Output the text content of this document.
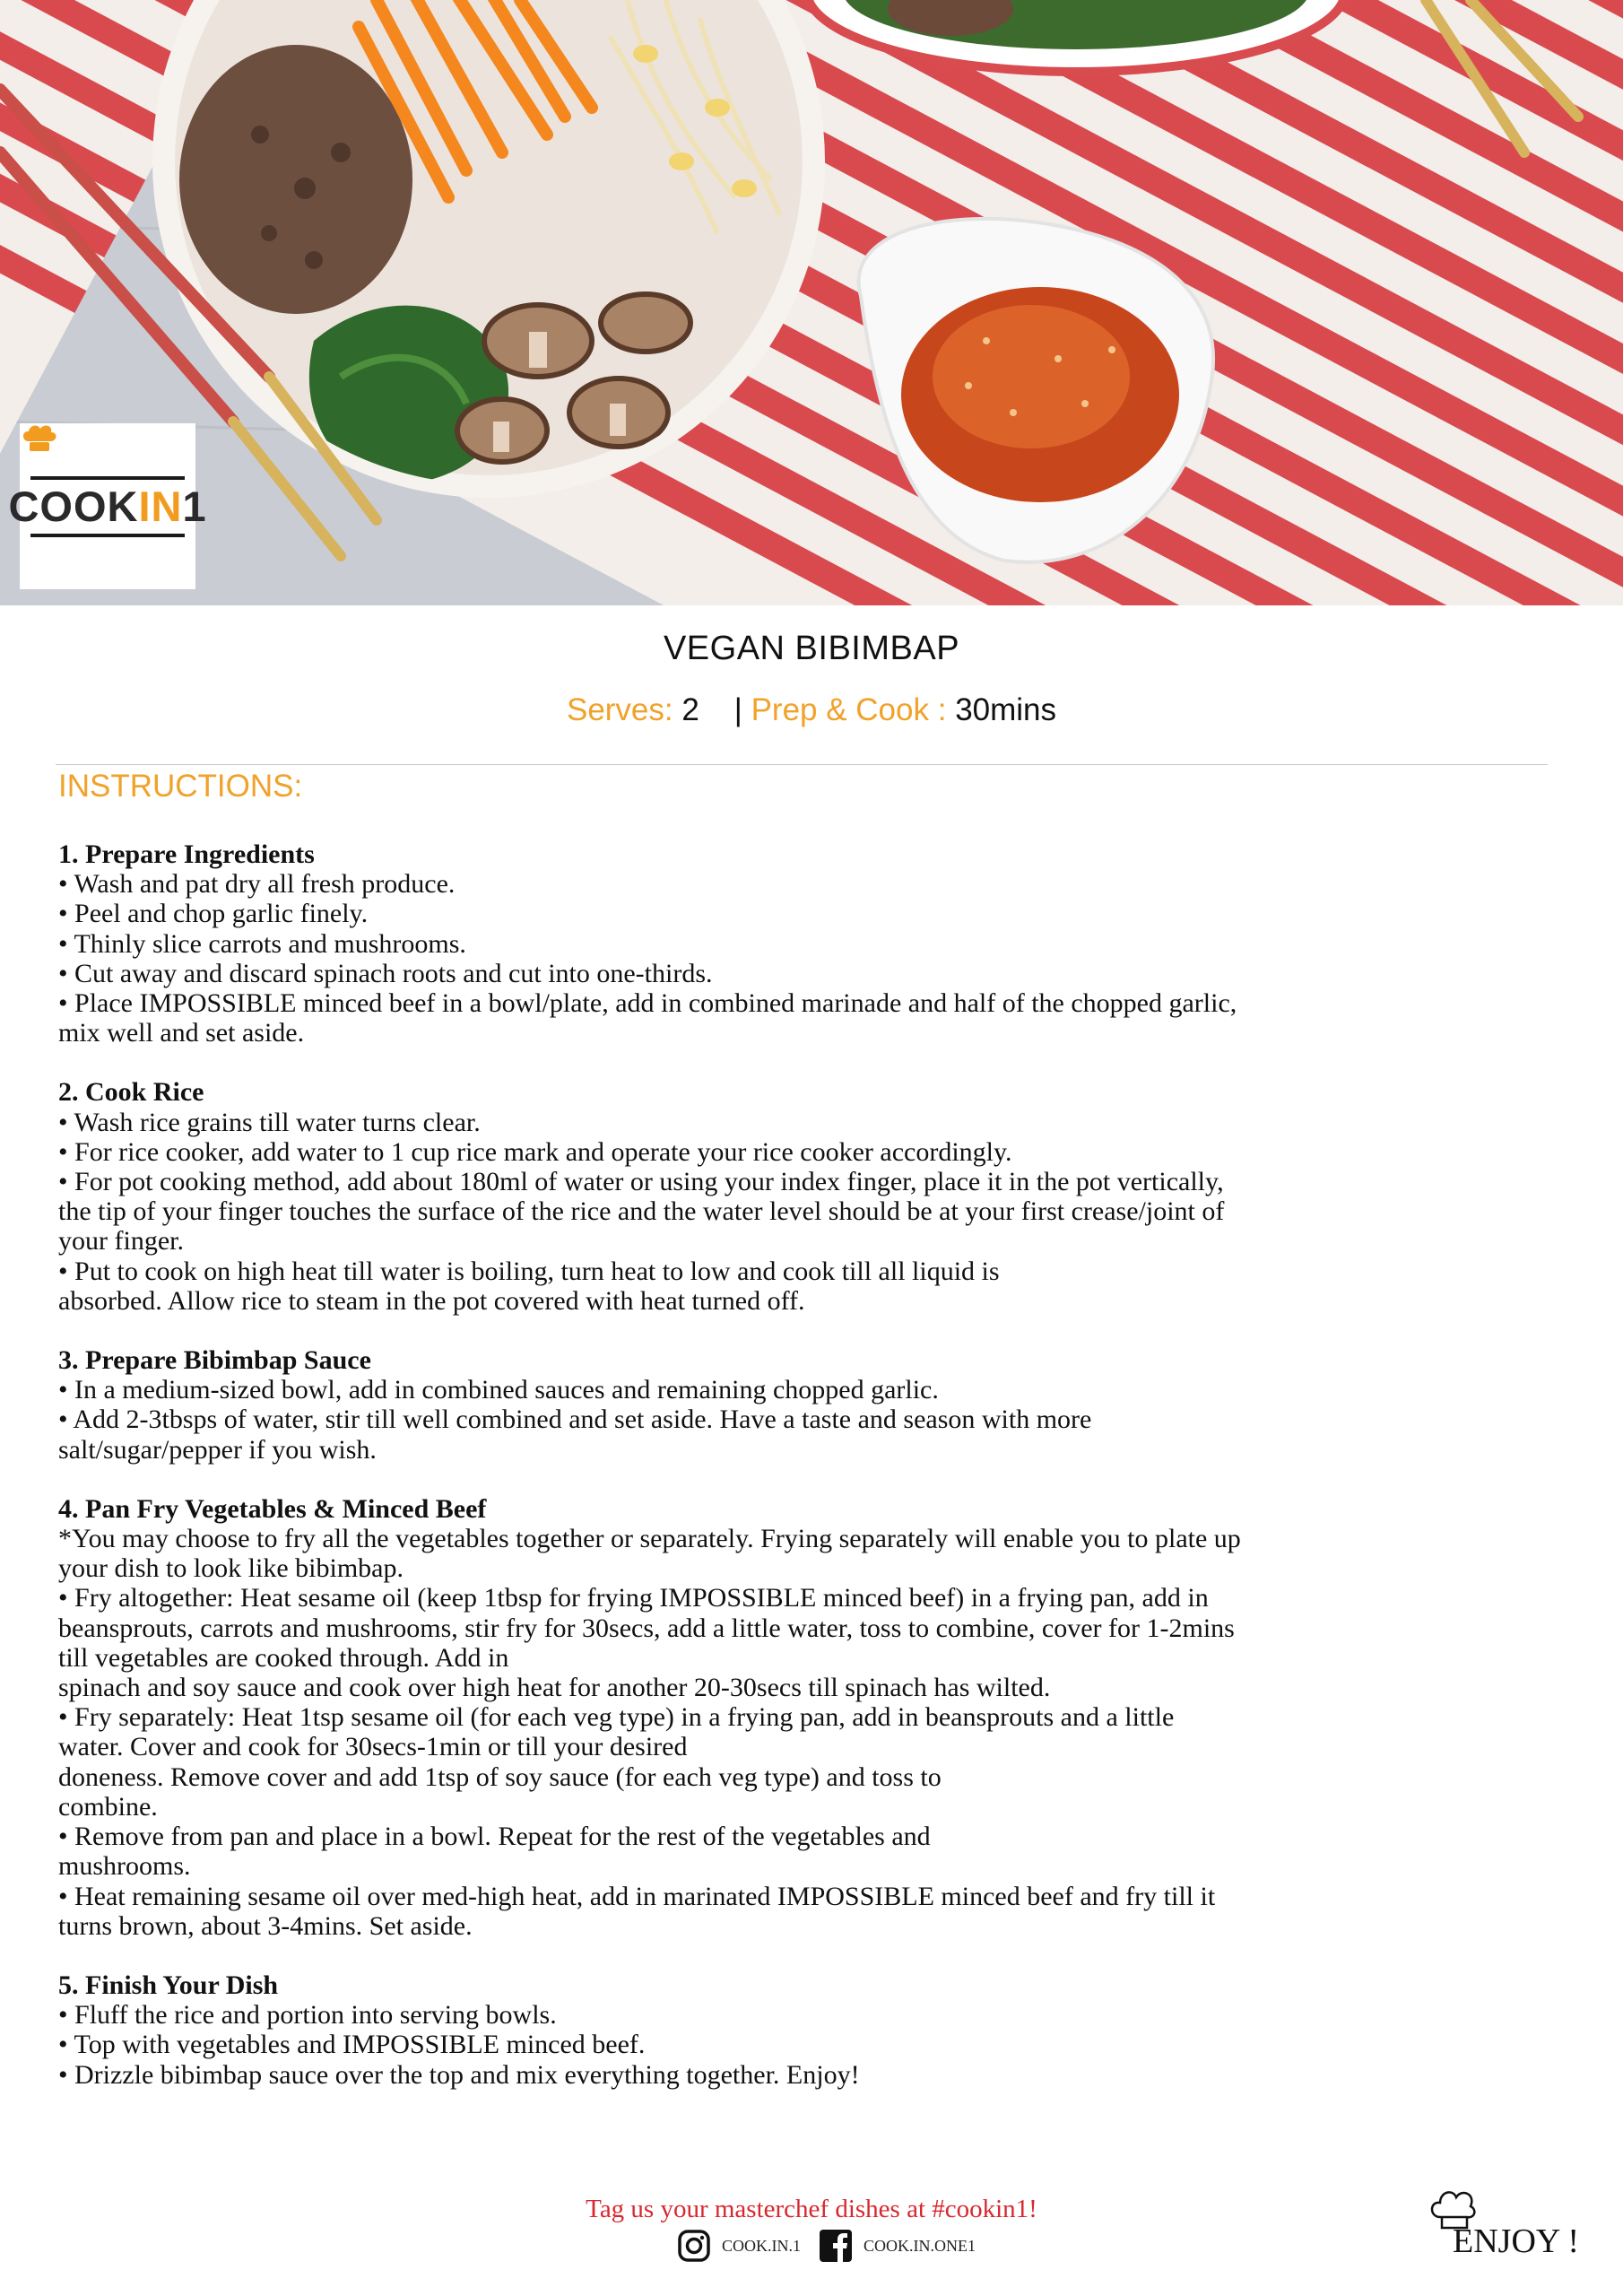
COOKIN1
VEGAN BIBIMBAP
Serves: 2 | Prep & Cook : 30mins
INSTRUCTIONS:
1. Prepare Ingredients
• Wash and pat dry all fresh produce.
• Peel and chop garlic finely.
• Thinly slice carrots and mushrooms.
• Cut away and discard spinach roots and cut into one-thirds.
• Place IMPOSSIBLE minced beef in a bowl/plate, add in combined marinade and half of the chopped garlic,
mix well and set aside.
2. Cook Rice
• Wash rice grains till water turns clear.
• For rice cooker, add water to 1 cup rice mark and operate your rice cooker accordingly.
• For pot cooking method, add about 180ml of water or using your index finger, place it in the pot vertically,
the tip of your finger touches the surface of the rice and the water level should be at your first crease/joint of
your finger.
• Put to cook on high heat till water is boiling, turn heat to low and cook till all liquid is
absorbed. Allow rice to steam in the pot covered with heat turned off.
3. Prepare Bibimbap Sauce
• In a medium-sized bowl, add in combined sauces and remaining chopped garlic.
• Add 2-3tbsps of water, stir till well combined and set aside. Have a taste and season with more
salt/sugar/pepper if you wish.
4. Pan Fry Vegetables & Minced Beef
*You may choose to fry all the vegetables together or separately. Frying separately will enable you to plate up
your dish to look like bibimbap.
• Fry altogether: Heat sesame oil (keep 1tbsp for frying IMPOSSIBLE minced beef) in a frying pan, add in
beansprouts, carrots and mushrooms, stir fry for 30secs, add a little water, toss to combine, cover for 1-2mins
till vegetables are cooked through. Add in
spinach and soy sauce and cook over high heat for another 20-30secs till spinach has wilted.
• Fry separately: Heat 1tsp sesame oil (for each veg type) in a frying pan, add in beansprouts and a little
water. Cover and cook for 30secs-1min or till your desired
doneness. Remove cover and add 1tsp of soy sauce (for each veg type) and toss to
combine.
• Remove from pan and place in a bowl. Repeat for the rest of the vegetables and
mushrooms.
• Heat remaining sesame oil over med-high heat, add in marinated IMPOSSIBLE minced beef and fry till it
turns brown, about 3-4mins. Set aside.
5. Finish Your Dish
• Fluff the rice and portion into serving bowls.
• Top with vegetables and IMPOSSIBLE minced beef.
• Drizzle bibimbap sauce over the top and mix everything together. Enjoy!
Tag us your masterchef dishes at #cookin1!
COOK.IN.1	COOK.IN.ONE1	ENJOY !
